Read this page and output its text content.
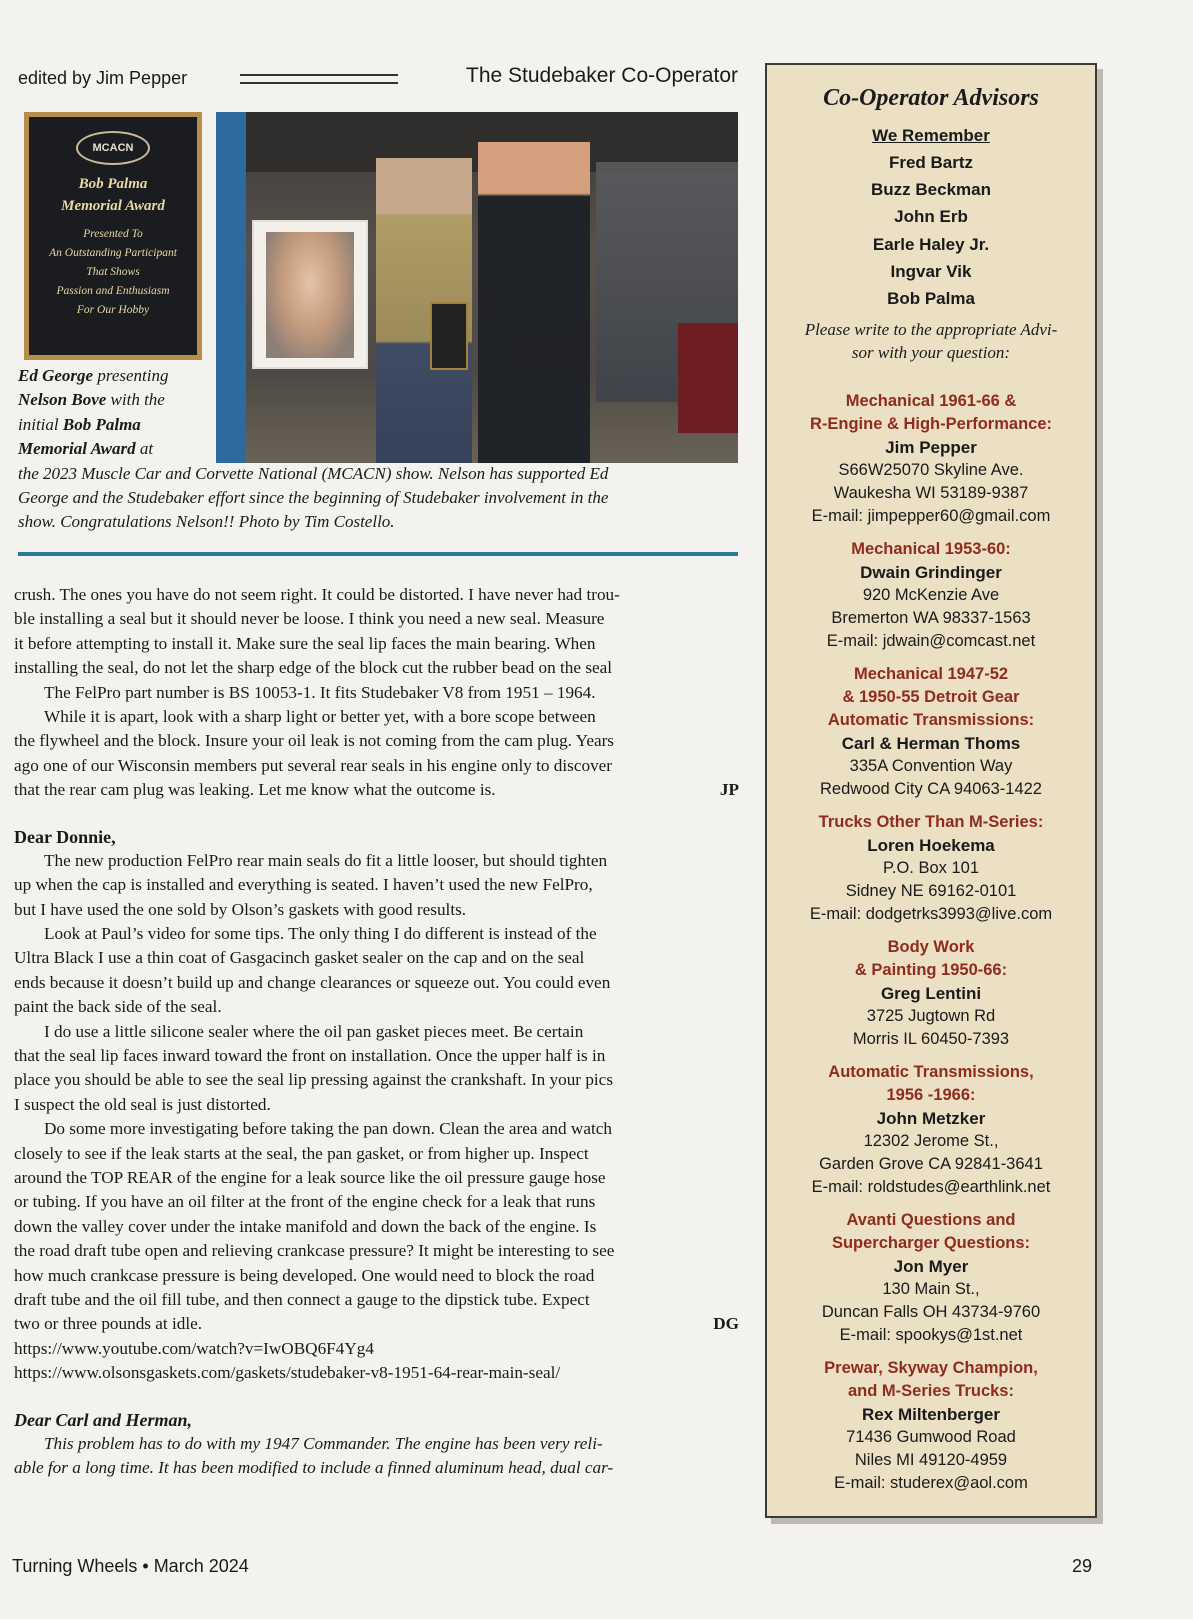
edited by Jim Pepper	The Studebaker Co-Operator
MCACN
Bob Palma
Memorial Award
Presented To
An Outstanding Participant
That Shows
Passion and Enthusiasm
For Our Hobby
Ed George presenting
Nelson Bove with the
initial Bob Palma
Memorial Award at
the 2023 Muscle Car and Corvette National (MCACN) show. Nelson has supported Ed
George and the Studebaker effort since the beginning of Studebaker involvement in the
show. Congratulations Nelson!! Photo by Tim Costello.
crush. The ones you have do not seem right. It could be distorted. I have never had trou-
ble installing a seal but it should never be loose. I think you need a new seal. Measure
it before attempting to install it. Make sure the seal lip faces the main bearing. When
installing the seal, do not let the sharp edge of the block cut the rubber bead on the seal
The FelPro part number is BS 10053-1. It fits Studebaker V8 from 1951 – 1964.
While it is apart, look with a sharp light or better yet, with a bore scope between
the flywheel and the block. Insure your oil leak is not coming from the cam plug. Years
ago one of our Wisconsin members put several rear seals in his engine only to discover
that the rear cam plug was leaking. Let me know what the outcome is.	JP
Dear Donnie,
The new production FelPro rear main seals do fit a little looser, but should tighten
up when the cap is installed and everything is seated. I haven’t used the new FelPro,
but I have used the one sold by Olson’s gaskets with good results.
Look at Paul’s video for some tips. The only thing I do different is instead of the
Ultra Black I use a thin coat of Gasgacinch gasket sealer on the cap and on the seal
ends because it doesn’t build up and change clearances or squeeze out. You could even
paint the back side of the seal.
I do use a little silicone sealer where the oil pan gasket pieces meet. Be certain
that the seal lip faces inward toward the front on installation. Once the upper half is in
place you should be able to see the seal lip pressing against the crankshaft. In your pics
I suspect the old seal is just distorted.
Do some more investigating before taking the pan down. Clean the area and watch
closely to see if the leak starts at the seal, the pan gasket, or from higher up. Inspect
around the TOP REAR of the engine for a leak source like the oil pressure gauge hose
or tubing. If you have an oil filter at the front of the engine check for a leak that runs
down the valley cover under the intake manifold and down the back of the engine. Is
the road draft tube open and relieving crankcase pressure? It might be interesting to see
how much crankcase pressure is being developed. One would need to block the road
draft tube and the oil fill tube, and then connect a gauge to the dipstick tube. Expect
two or three pounds at idle.	DG
https://www.youtube.com/watch?v=IwOBQ6F4Yg4
https://www.olsonsgaskets.com/gaskets/studebaker-v8-1951-64-rear-main-seal/
Dear Carl and Herman,
This problem has to do with my 1947 Commander. The engine has been very reli-
able for a long time. It has been modified to include a finned aluminum head, dual car-
Co-Operator Advisors
We Remember
Fred Bartz
Buzz Beckman
John Erb
Earle Haley Jr.
Ingvar Vik
Bob Palma
Please write to the appropriate Advi-
sor with your question:
Mechanical 1961-66 &
R-Engine & High-Performance:
Jim Pepper
S66W25070 Skyline Ave.
Waukesha WI 53189-9387
E-mail: jimpepper60@gmail.com
Mechanical 1953-60:
Dwain Grindinger
920 McKenzie Ave
Bremerton WA 98337-1563
E-mail: jdwain@comcast.net
Mechanical 1947-52
& 1950-55 Detroit Gear
Automatic Transmissions:
Carl & Herman Thoms
335A Convention Way
Redwood City CA 94063-1422
Trucks Other Than M-Series:
Loren Hoekema
P.O. Box 101
Sidney NE 69162-0101
E-mail: dodgetrks3993@live.com
Body Work
& Painting 1950-66:
Greg Lentini
3725 Jugtown Rd
Morris IL 60450-7393
Automatic Transmissions,
1956 -1966:
John Metzker
12302 Jerome St.,
Garden Grove CA 92841-3641
E-mail: roldstudes@earthlink.net
Avanti Questions and
Supercharger Questions:
Jon Myer
130 Main St.,
Duncan Falls OH 43734-9760
E-mail: spookys@1st.net
Prewar, Skyway Champion,
and M-Series Trucks:
Rex Miltenberger
71436 Gumwood Road
Niles MI 49120-4959
E-mail: studerex@aol.com
Turning Wheels • March 2024	29
